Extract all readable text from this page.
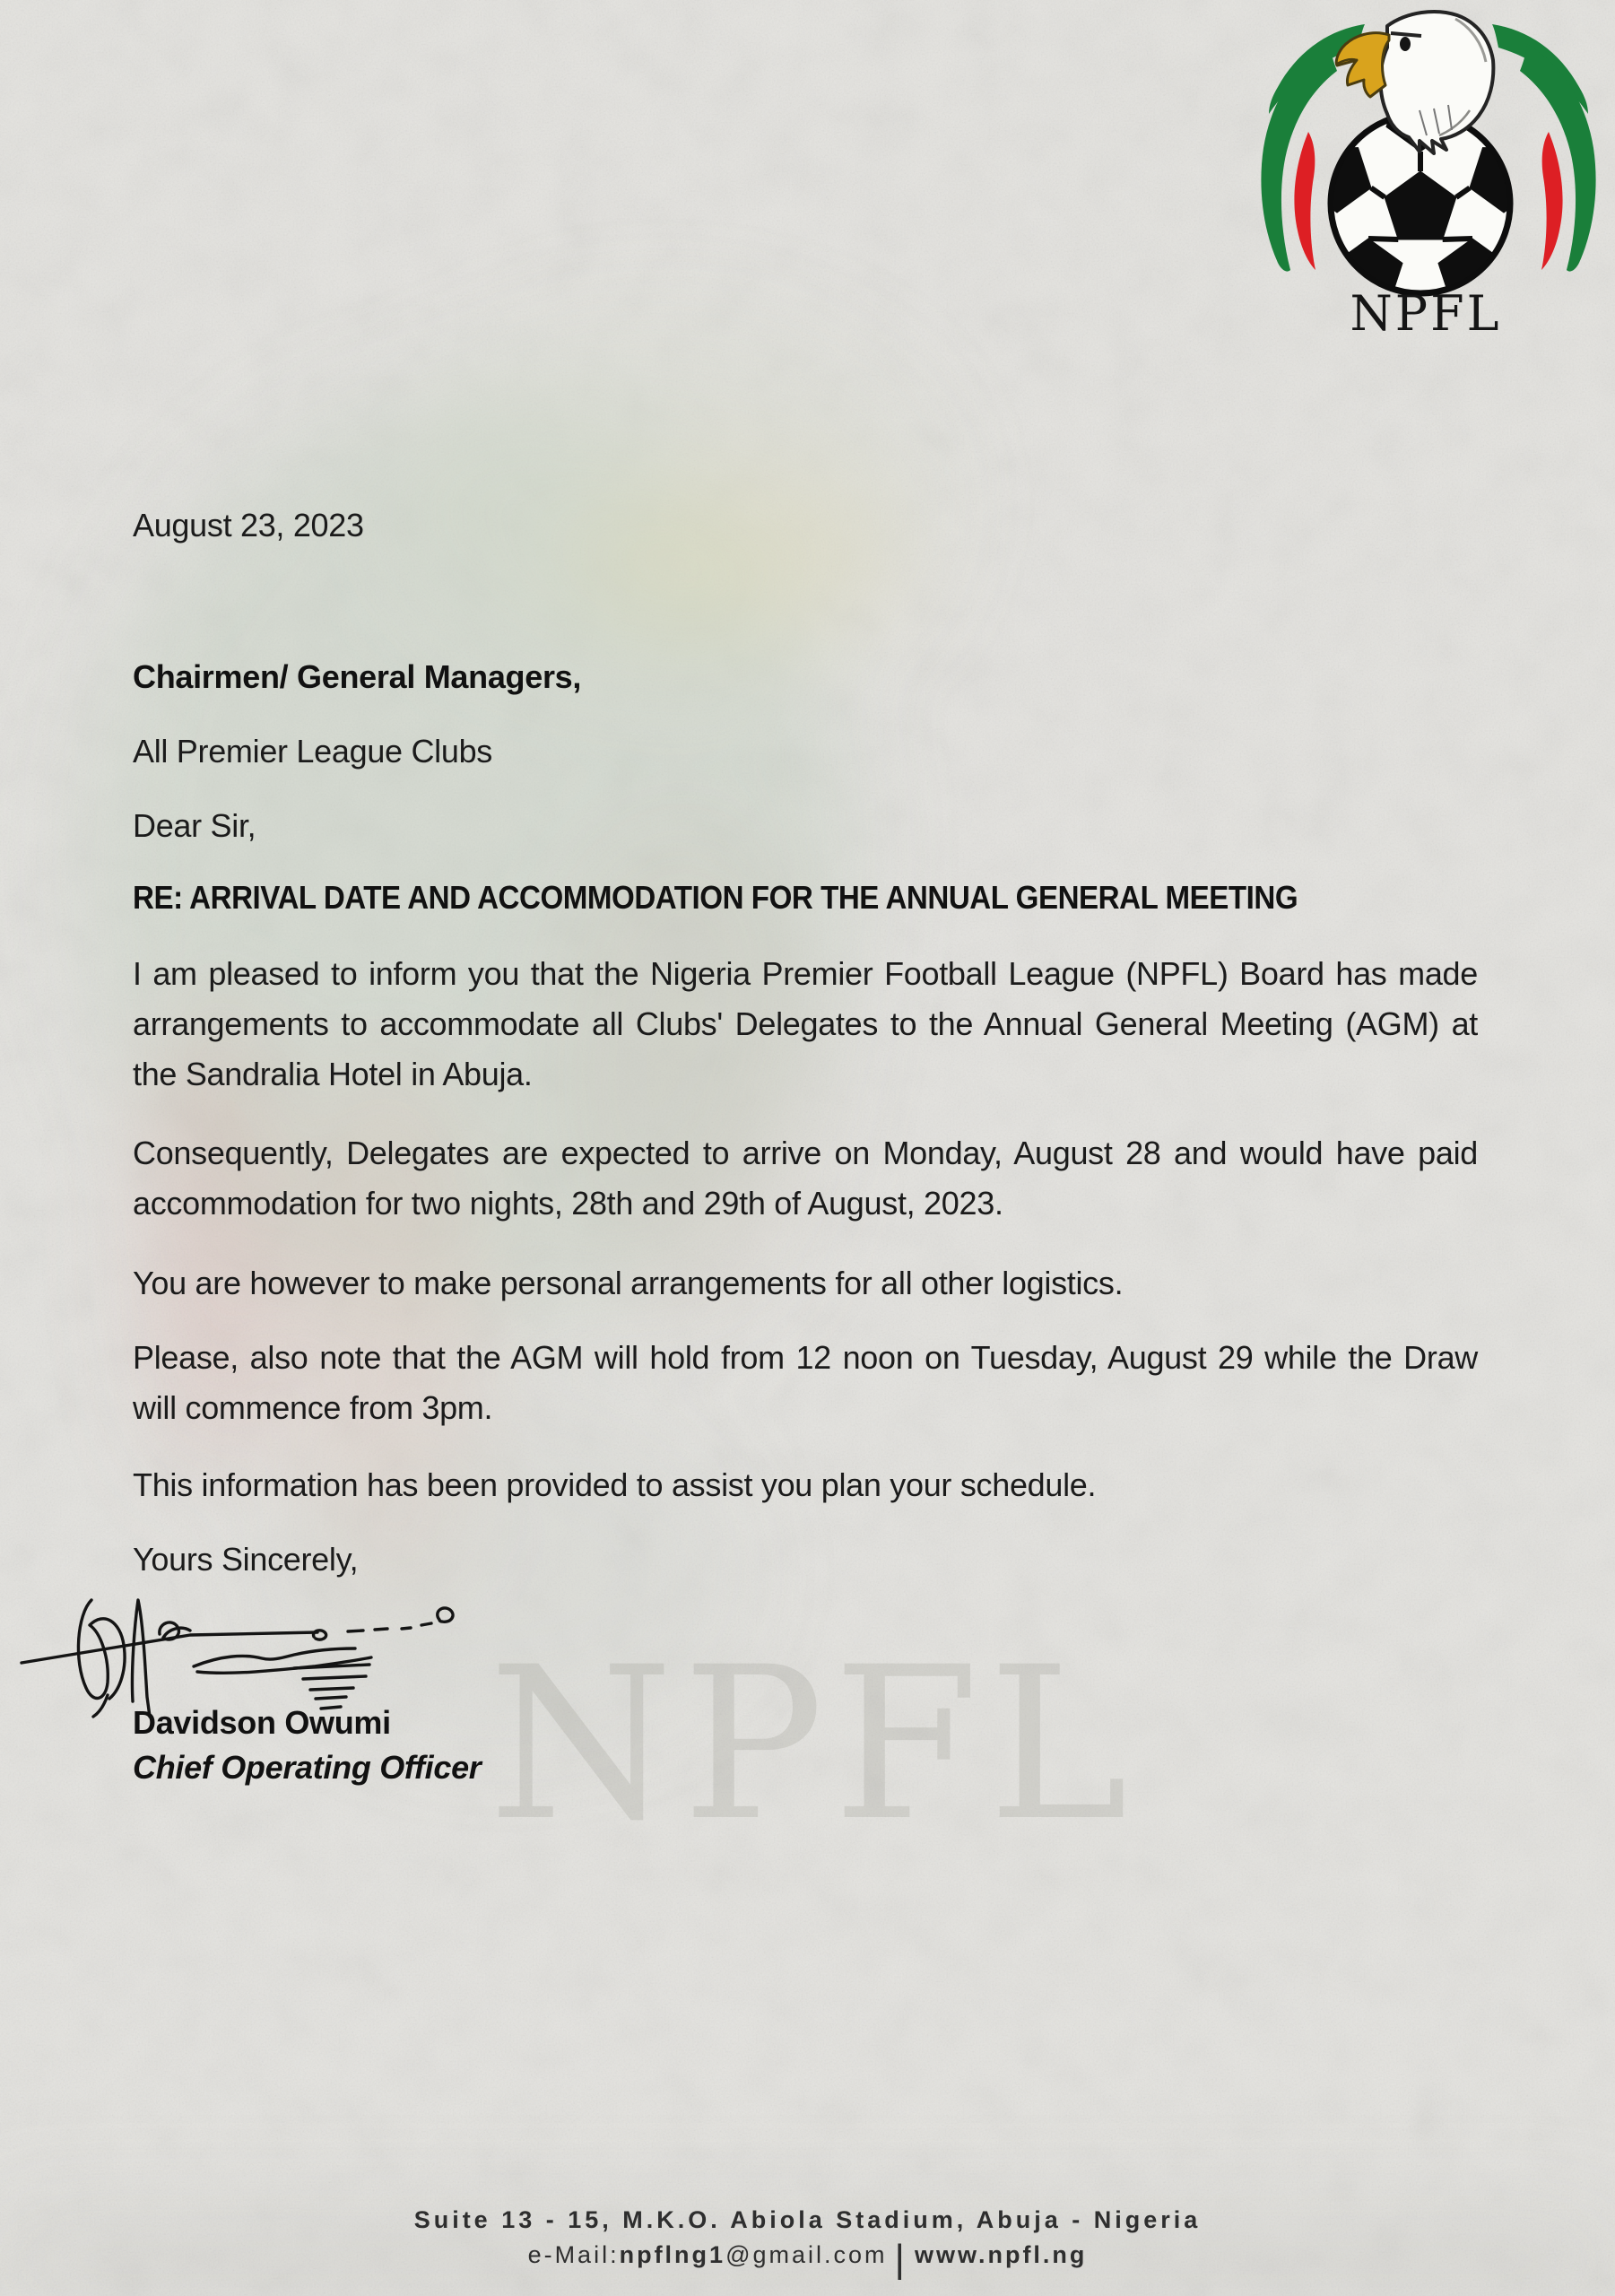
NPFL
NPFL

August 23, 2023

Chairmen/ General Managers,

All Premier League Clubs

Dear Sir,

RE: ARRIVAL DATE AND ACCOMMODATION FOR THE ANNUAL GENERAL MEETING

I am pleased to inform you that the Nigeria Premier Football League (NPFL) Board has made arrangements to accommodate all Clubs' Delegates to the Annual General Meeting (AGM) at the Sandralia Hotel in Abuja.

Consequently, Delegates are expected to arrive on Monday, August 28 and would have paid accommodation for two nights, 28th and 29th of August, 2023.

You are however to make personal arrangements for all other logistics.

Please, also note that the AGM will hold from 12 noon on Tuesday, August 29 while the Draw will commence from 3pm.

This information has been provided to assist you plan your schedule.

Yours Sincerely,

Davidson Owumi

Chief Operating Officer

Suite 13 - 15, M.K.O. Abiola Stadium, Abuja - Nigeria
e-Mail:npflng1@gmail.com | www.npfl.ng
